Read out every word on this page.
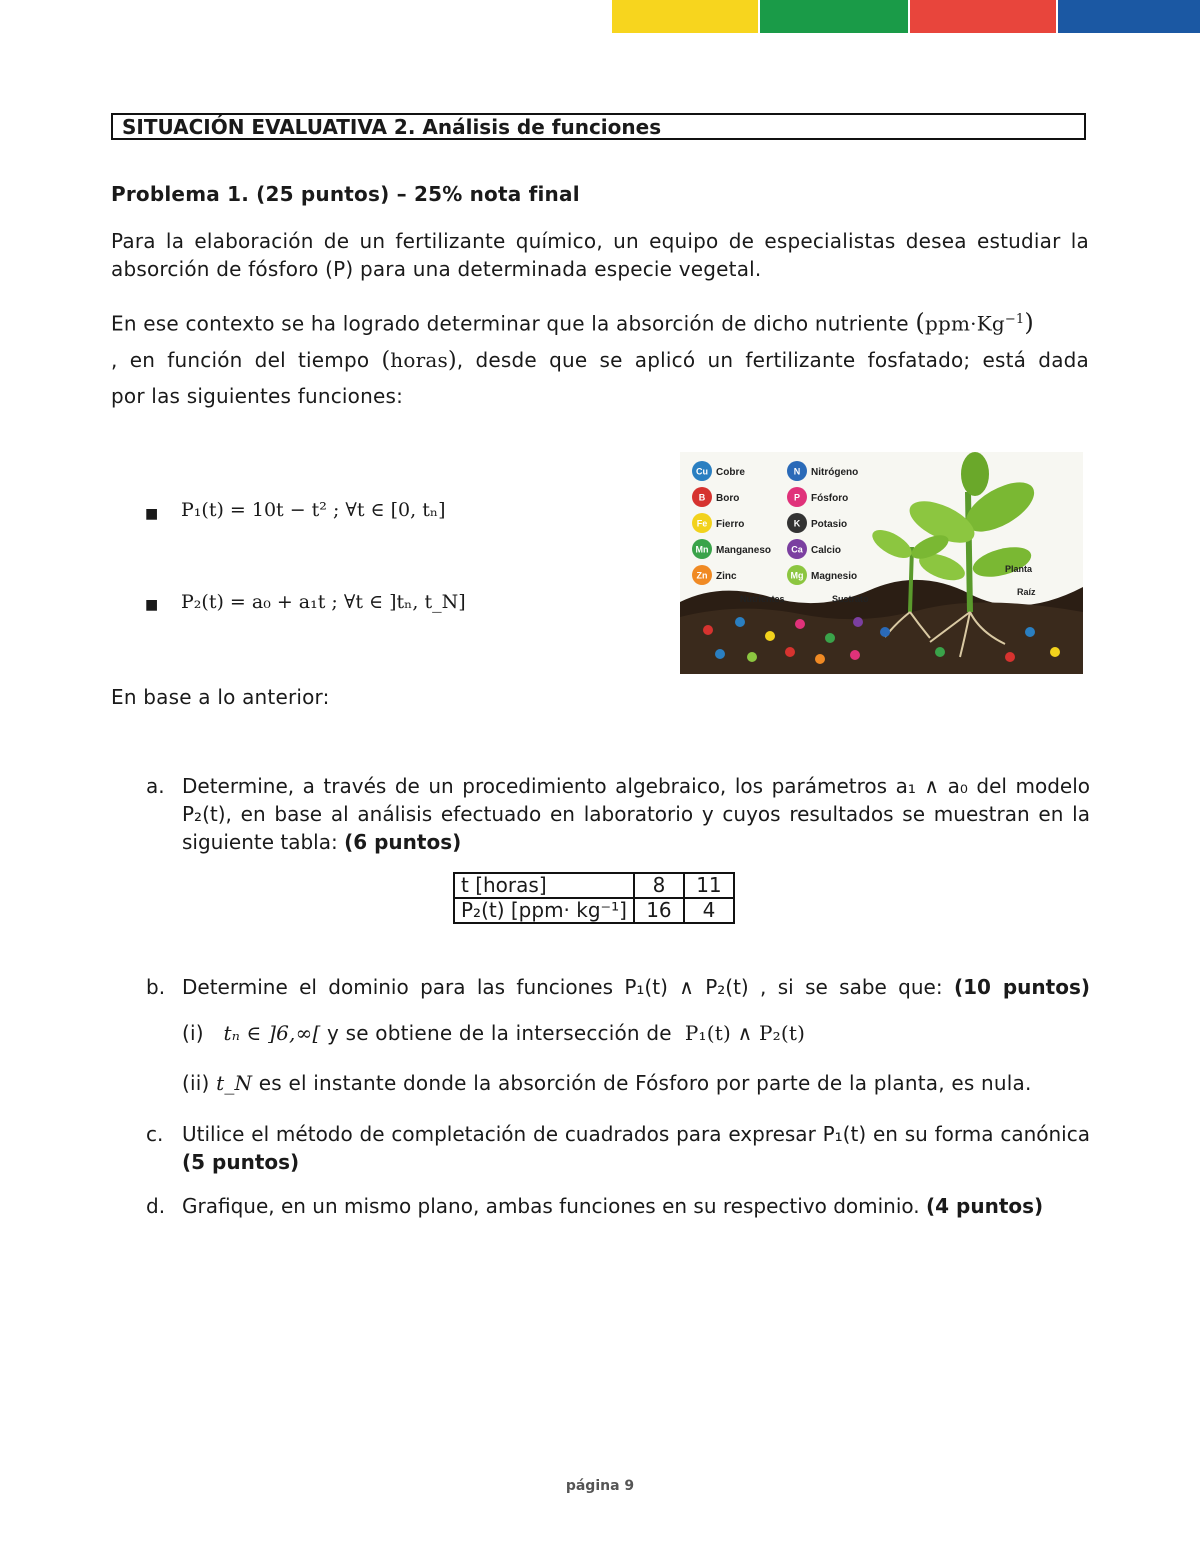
SITUACIÓN EVALUATIVA 2. Análisis de funciones
Problema 1. (25 puntos) – 25% nota final
Para la elaboración de un fertilizante químico, un equipo de especialistas desea estudiar la absorción de fósforo (P) para una determinada especie vegetal.
En ese contexto se ha logrado determinar que la absorción de dicho nutriente $(ppm\cdot Kg^{-1})$
, en función del tiempo (horas), desde que se aplicó un fertilizante fosfatado; está dada
por las siguientes funciones:
■ P₁(t) = 10t − t² ; ∀t ∈ [0, tₙ]
■ P₂(t) = a₀ + a₁t ; ∀t ∈ ]tₙ, t_N]
Cu Cobre
B Boro
Fe Fierro
Mn Manganeso
Zn Zinc
N Nitrógeno
P Fósforo
K Potasio
Ca Calcio
Mg Magnesio
Nutrientes	Sustrato
Planta
Raíz
En base a lo anterior:
a. Determine, a través de un procedimiento algebraico, los parámetros a₁ ∧ a₀ del modelo P₂(t), en base al análisis efectuado en laboratorio y cuyos resultados se muestran en la siguiente tabla: (6 puntos)
t [horas]	8	11
P₂(t) [ppm· kg⁻¹]	16	4
b. Determine el dominio para las funciones P₁(t) ∧ P₂(t) , si se sabe que: (10 puntos)
(i) tₙ ∈ ]6,∞[ y se obtiene de la intersección de P₁(t) ∧ P₂(t)
(ii) t_N es el instante donde la absorción de Fósforo por parte de la planta, es nula.
c. Utilice el método de completación de cuadrados para expresar P₁(t) en su forma canónica (5 puntos)
d. Grafique, en un mismo plano, ambas funciones en su respectivo dominio. (4 puntos)
página 9
